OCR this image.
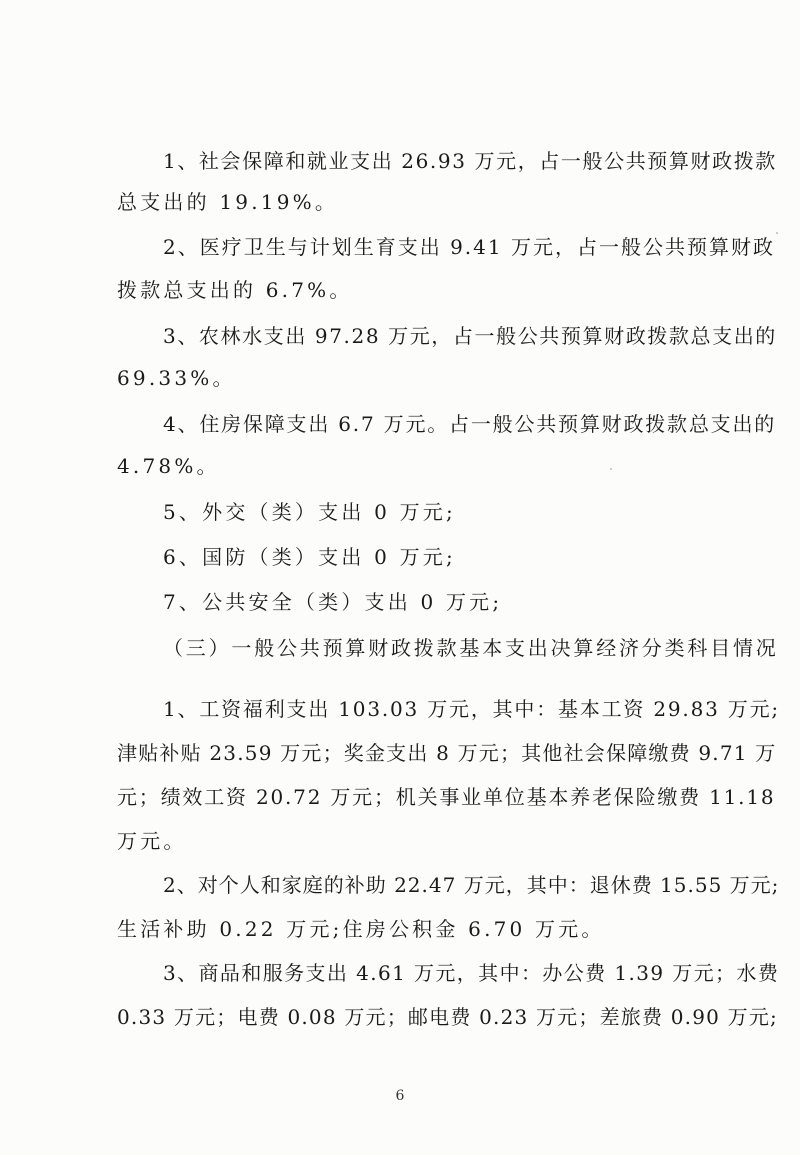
1、社会保障和就业支出 26.93 万元，占一般公共预算财政拨款
总支出的 19.19%。
2、医疗卫生与计划生育支出 9.41 万元，占一般公共预算财政
拨款总支出的 6.7%。
3、农林水支出 97.28 万元，占一般公共预算财政拨款总支出的
69.33%。
4、住房保障支出 6.7 万元。占一般公共预算财政拨款总支出的
4.78%。
5、外交（类）支出 0 万元;
6、国防（类）支出 0 万元;
7、公共安全（类）支出 0 万元;
（三）一般公共预算财政拨款基本支出决算经济分类科目情况
1、工资福利支出 103.03 万元，其中：基本工资 29.83 万元;
津贴补贴 23.59 万元；奖金支出 8 万元；其他社会保障缴费 9.71 万
元；绩效工资 20.72 万元；机关事业单位基本养老保险缴费 11.18
万元。
2、对个人和家庭的补助 22.47 万元，其中：退休费 15.55 万元;
生活补助 0.22 万元;住房公积金 6.70 万元。
3、商品和服务支出 4.61 万元，其中：办公费 1.39 万元；水费
0.33 万元；电费 0.08 万元；邮电费 0.23 万元；差旅费 0.90 万元;
6
